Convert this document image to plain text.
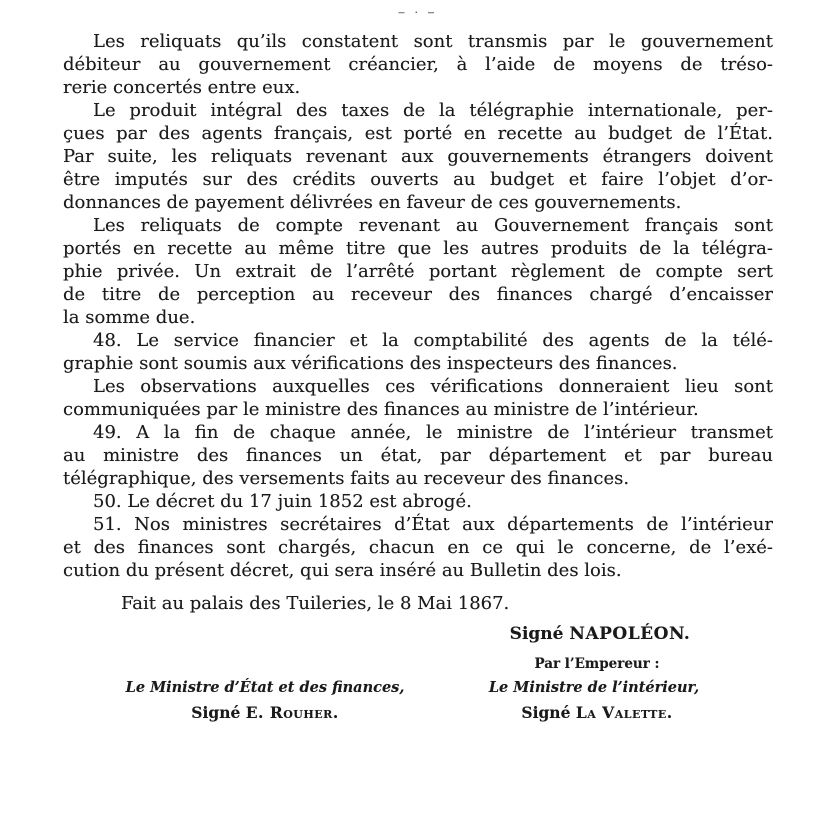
‒ · ‒
Les reliquats qu’ils constatent sont transmis par le gouvernement
débiteur au gouvernement créancier, à l’aide de moyens de tréso-
rerie concertés entre eux.
Le produit intégral des taxes de la télégraphie internationale, per-
çues par des agents français, est porté en recette au budget de l’État.
Par suite, les reliquats revenant aux gouvernements étrangers doivent
être imputés sur des crédits ouverts au budget et faire l’objet d’or-
donnances de payement délivrées en faveur de ces gouvernements.
Les reliquats de compte revenant au Gouvernement français sont
portés en recette au même titre que les autres produits de la télégra-
phie privée. Un extrait de l’arrêté portant règlement de compte sert
de titre de perception au receveur des finances chargé d’encaisser
la somme due.
48. Le service financier et la comptabilité des agents de la télé-
graphie sont soumis aux vérifications des inspecteurs des finances.
Les observations auxquelles ces vérifications donneraient lieu sont
communiquées par le ministre des finances au ministre de l’intérieur.
49. A la fin de chaque année, le ministre de l’intérieur transmet
au ministre des finances un état, par département et par bureau
télégraphique, des versements faits au receveur des finances.
50. Le décret du 17 juin 1852 est abrogé.
51. Nos ministres secrétaires d’État aux départements de l’intérieur
et des finances sont chargés, chacun en ce qui le concerne, de l’exé-
cution du présent décret, qui sera inséré au Bulletin des lois.
Fait au palais des Tuileries, le 8 Mai 1867.
Signé NAPOLÉON.
Par l’Empereur :
Le Ministre d’État et des finances,	Le Ministre de l’intérieur,
Signé E. Rouher.	Signé La Valette.
